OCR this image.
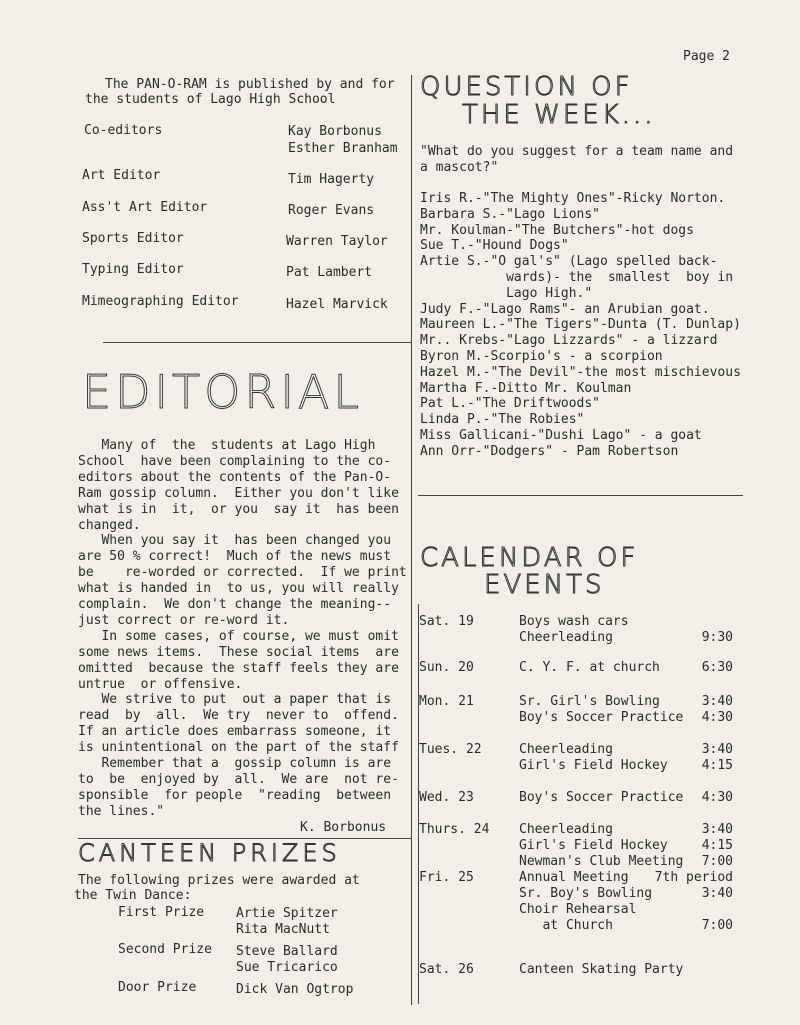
Page 2
The PAN-O-RAM is published by and for
the students of Lago High School
Co-editors	Kay Borbonus
Esther Branham
Art Editor	Tim Hagerty
Ass't Art Editor	Roger Evans
Sports Editor	Warren Taylor
Typing Editor	Pat Lambert
Mimeographing Editor	Hazel Marvick
EDITORIAL
Many of  the  students at Lago High
School  have been complaining to the co-
editors about the contents of the Pan-O-
Ram gossip column.  Either you don't like
what is in  it,  or you  say it  has been
changed.
When you say it  has been changed you
are 50 % correct!  Much of the news must
be    re-worded or corrected.  If we print
what is handed in  to us, you will really
complain.  We don't change the meaning--
just correct or re-word it.
In some cases, of course, we must omit
some news items.  These social items  are
omitted  because the staff feels they are
untrue  or offensive.
We strive to put  out a paper that is
read  by  all.  We try  never to  offend.
If an article does embarrass someone, it
is unintentional on the part of the staff
Remember that a  gossip column is are
to  be  enjoyed by  all.  We are  not re-
sponsible  for people  "reading  between
the lines."
K. Borbonus
CANTEEN PRIZES
The following prizes were awarded at
the Twin Dance:
First Prize Artie Spitzer
Rita MacNutt
Second Prize Steve Ballard
Sue Tricarico
Door Prize	Dick Van Ogtrop
QUESTION OF
THE WEEK...
"What do you suggest for a team name and
a mascot?"
Iris R.-"The Mighty Ones"-Ricky Norton.
Barbara S.-"Lago Lions"
Mr. Koulman-"The Butchers"-hot dogs
Sue T.-"Hound Dogs"
Artie S.-"O gal's" (Lago spelled back-
wards)- the  smallest  boy in
Lago High."
Judy F.-"Lago Rams"- an Arubian goat.
Maureen L.-"The Tigers"-Dunta (T. Dunlap)
Mr.. Krebs-"Lago Lizzards" - a lizzard
Byron M.-Scorpio's - a scorpion
Hazel M.-"The Devil"-the most mischievous
Martha F.-Ditto Mr. Koulman
Pat L.-"The Driftwoods"
Linda P.-"The Robies"
Miss Gallicani-"Dushi Lago" - a goat
Ann Orr-"Dodgers" - Pam Robertson
CALENDAR OF
EVENTS
Sat. 19	Boys wash cars
Cheerleading	9:30
Sun. 20	C. Y. F. at church	6:30
Mon. 21	Sr. Girl's Bowling	3:40
Boy's Soccer Practice 4:30
Tues. 22	Cheerleading	3:40
Girl's Field Hockey	4:15
Wed. 23	Boy's Soccer Practice 4:30
Thurs. 24 Cheerleading	3:40
Girl's Field Hockey	4:15
Newman's Club Meeting 7:00
Fri. 25	Annual Meeting 7th period
Sr. Boy's Bowling	3:40
Choir Rehearsal
at Church	7:00
Sat. 26	Canteen Skating Party
